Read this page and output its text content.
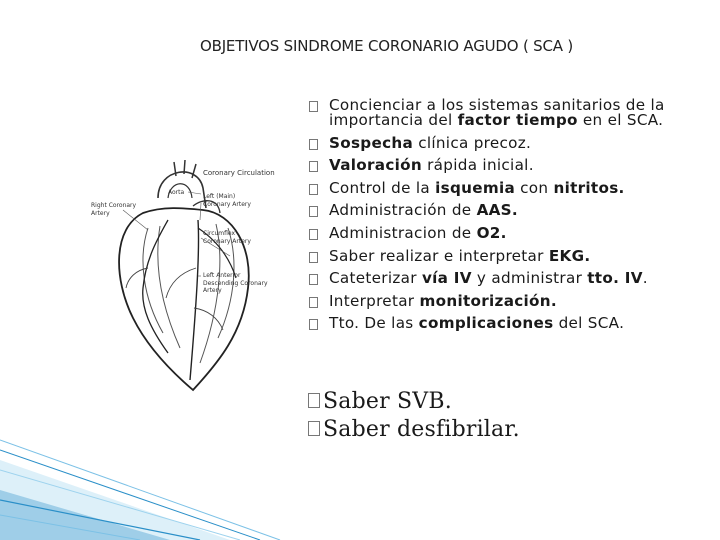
OBJETIVOS SINDROME CORONARIO AGUDO ( SCA )
Coronary Circulation
Aorta
Left (Main)
Coronary Artery
Right Coronary
Artery
Circumflex
Coronary Artery
Left Anterior
Descending Coronary
Artery
Concienciar a los sistemas sanitarios de la importancia del factor tiempo en el SCA.
Sospecha clínica precoz.
Valoración rápida inicial.
Control de la isquemia con nitritos.
Administración de AAS.
Administracion de O2.
Saber realizar e interpretar EKG.
Cateterizar vía IV y administrar tto. IV.
Interpretar monitorización.
Tto. De las complicaciones del SCA.
Saber SVB.
Saber desfibrilar.
